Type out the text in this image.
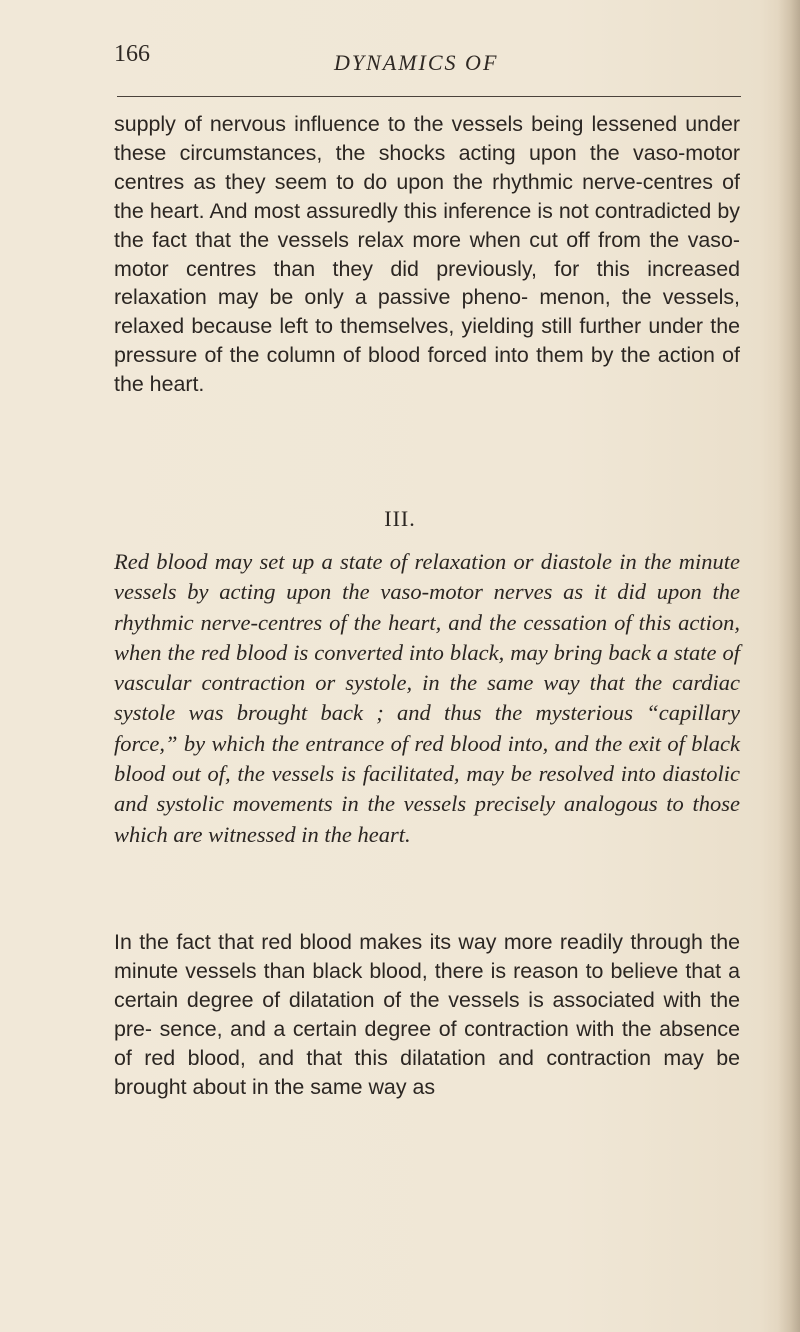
166	DYNAMICS OF

supply of nervous influence to the vessels being lessened under these circumstances, the shocks acting upon the vaso-motor centres as they seem to do upon the rhythmic nerve-centres of the heart. And most assuredly this inference is not contradicted by the fact that the vessels relax more when cut off from the vaso-motor centres than they did previously, for this increased relaxation may be only a passive pheno- menon, the vessels, relaxed because left to themselves, yielding still further under the pressure of the column of blood forced into them by the action of the heart.

III.

Red blood may set up a state of relaxation or diastole in the minute vessels by acting upon the vaso-motor nerves as it did upon the rhythmic nerve-centres of the heart, and the cessation of this action, when the red blood is converted into black, may bring back a state of vascular contraction or systole, in the same way that the cardiac systole was brought back ; and thus the mysterious “capillary force,” by which the entrance of red blood into, and the exit of black blood out of, the vessels is facilitated, may be resolved into diastolic and systolic movements in the vessels precisely analogous to those which are witnessed in the heart.

In the fact that red blood makes its way more readily through the minute vessels than black blood, there is reason to believe that a certain degree of dilatation of the vessels is associated with the pre- sence, and a certain degree of contraction with the absence of red blood, and that this dilatation and contraction may be brought about in the same way as
